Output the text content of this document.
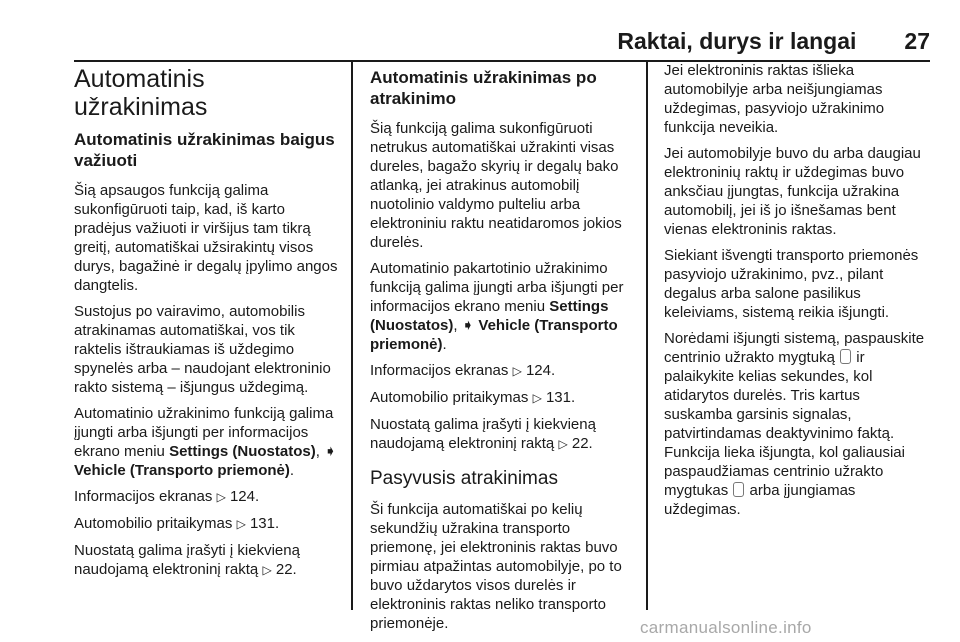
Raktai, durys ir langai 27
Automatinis užrakinimas
Automatinis užrakinimas baigus važiuoti

Šią apsaugos funkciją galima sukonfigūruoti taip, kad, iš karto pradėjus važiuoti ir viršijus tam tikrą greitį, automatiškai užsirakintų visos durys, bagažinė ir degalų įpylimo angos dangtelis.

Sustojus po vairavimo, automobilis atrakinamas automatiškai, vos tik raktelis ištraukiamas iš uždegimo spynelės arba – naudojant elektroninio rakto sistemą – išjungus uždegimą.

Automatinio užrakinimo funkciją galima įjungti arba išjungti per informacijos ekrano meniu Settings (Nuostatos), ➧ Vehicle (Transporto priemonė).

Informacijos ekranas ▷ 124.

Automobilio pritaikymas ▷ 131.

Nuostatą galima įrašyti į kiekvieną naudojamą elektroninį raktą ▷ 22.

Automatinis užrakinimas po atrakinimo

Šią funkciją galima sukonfigūruoti netrukus automatiškai užrakinti visas dureles, bagažo skyrių ir degalų bako atlanką, jei atrakinus automobilį nuotolinio valdymo pulteliu arba elektroniniu raktu neatidaromos jokios durelės.

Automatinio pakartotinio užrakinimo funkciją galima įjungti arba išjungti per informacijos ekrano meniu Settings (Nuostatos), ➧ Vehicle (Transporto priemonė).

Informacijos ekranas ▷ 124.

Automobilio pritaikymas ▷ 131.

Nuostatą galima įrašyti į kiekvieną naudojamą elektroninį raktą ▷ 22.

Pasyvusis atrakinimas

Ši funkcija automatiškai po kelių sekundžių užrakina transporto priemonę, jei elektroninis raktas buvo pirmiau atpažintas automobilyje, po to buvo uždarytos visos durelės ir elektroninis raktas neliko transporto priemonėje.

Jei elektroninis raktas išlieka automobilyje arba neišjungiamas uždegimas, pasyviojo užrakinimo funkcija neveikia.

Jei automobilyje buvo du arba daugiau elektroninių raktų ir uždegimas buvo anksčiau įjungtas, funkcija užrakina automobilį, jei iš jo išnešamas bent vienas elektroninis raktas.

Siekiant išvengti transporto priemonės pasyviojo užrakinimo, pvz., pilant degalus arba salone pasilikus keleiviams, sistemą reikia išjungti.

Norėdami išjungti sistemą, paspauskite centrinio užrakto mygtuką  ir palaikykite kelias sekundes, kol atidarytos durelės. Tris kartus suskamba garsinis signalas, patvirtindamas deaktyvinimo faktą. Funkcija lieka išjungta, kol galiausiai paspaudžiamas centrinio užrakto mygtukas  arba įjungiamas uždegimas.

carmanualsonline.info
